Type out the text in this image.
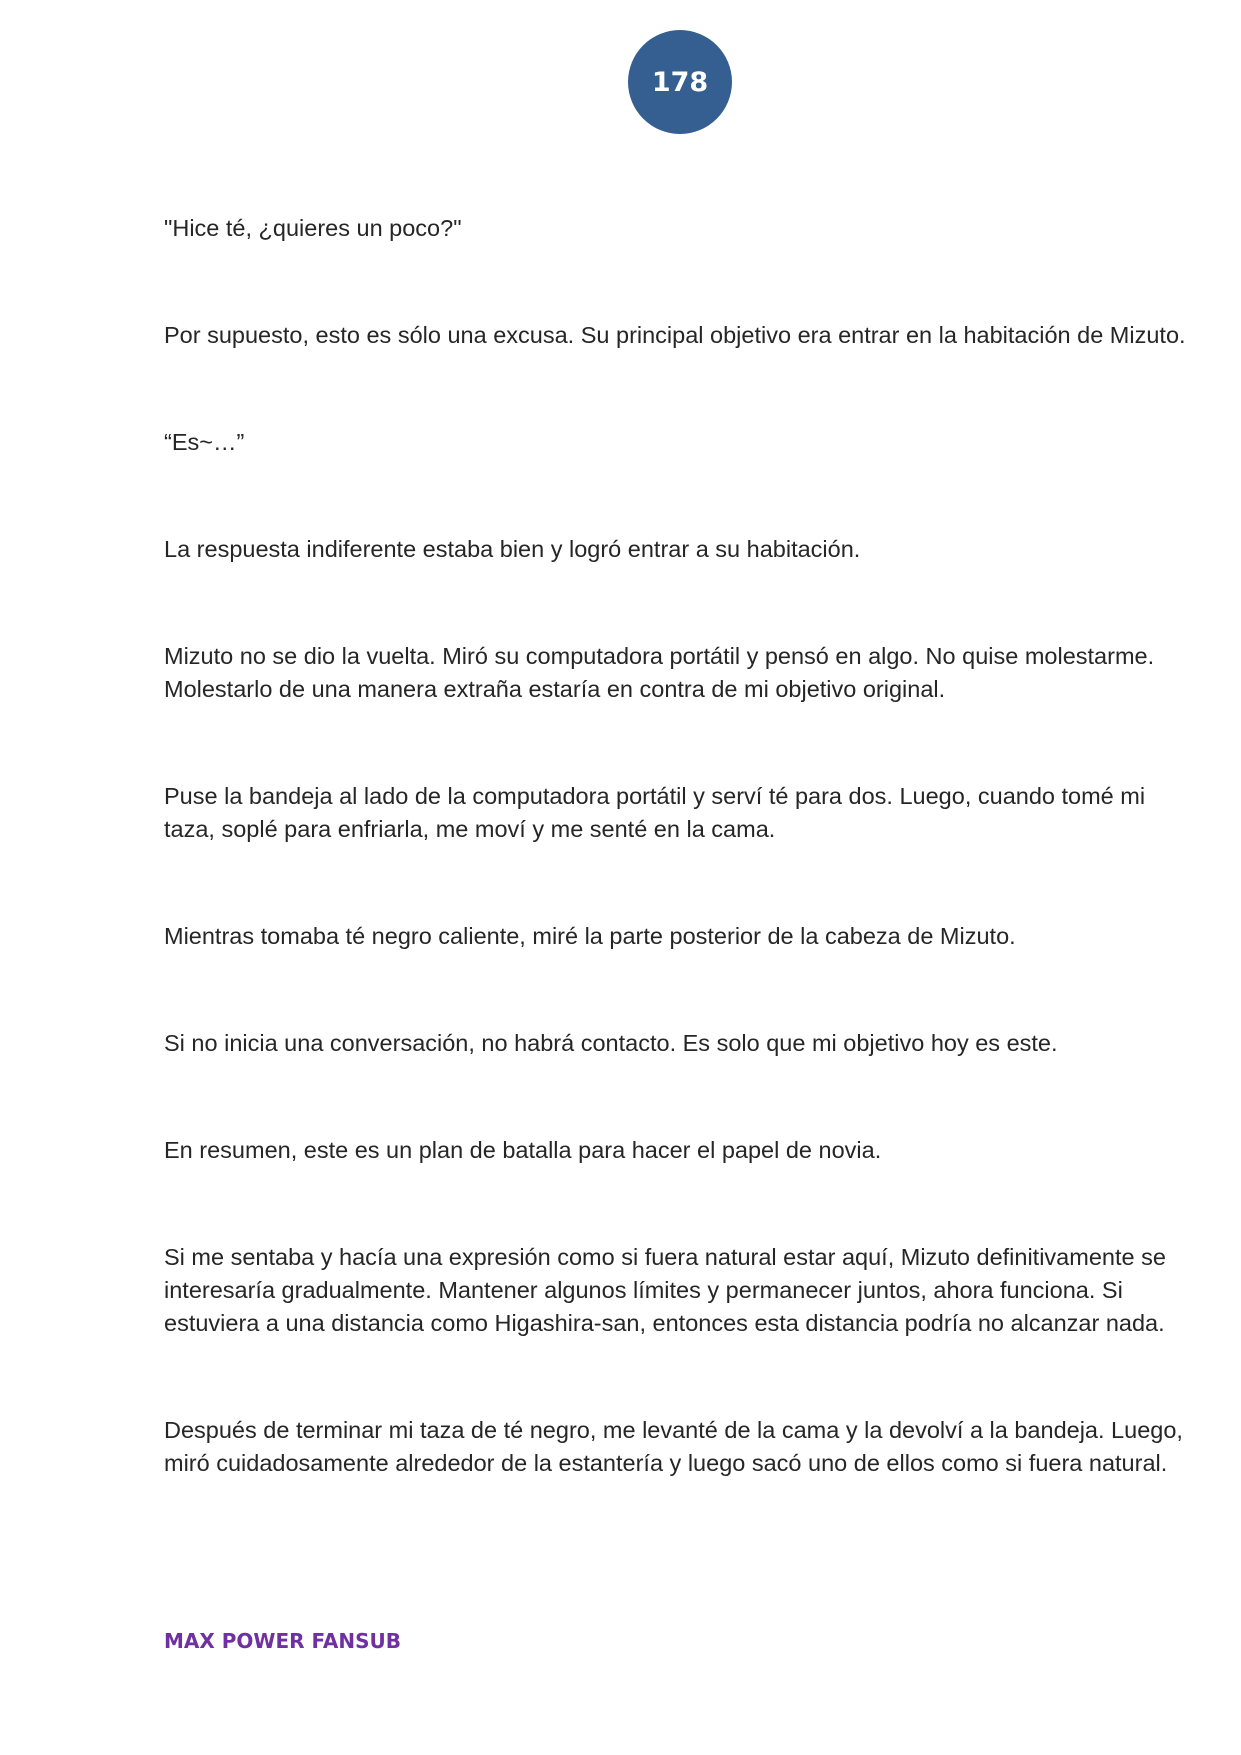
178

"Hice té, ¿quieres un poco?"

Por supuesto, esto es sólo una excusa. Su principal objetivo era entrar en la habitación de Mizuto.

“Es~…”

La respuesta indiferente estaba bien y logró entrar a su habitación.

Mizuto no se dio la vuelta. Miró su computadora portátil y pensó en algo. No quise molestarme. Molestarlo de una manera extraña estaría en contra de mi objetivo original.

Puse la bandeja al lado de la computadora portátil y serví té para dos. Luego, cuando tomé mi taza, soplé para enfriarla, me moví y me senté en la cama.

Mientras tomaba té negro caliente, miré la parte posterior de la cabeza de Mizuto.

Si no inicia una conversación, no habrá contacto. Es solo que mi objetivo hoy es este.

En resumen, este es un plan de batalla para hacer el papel de novia.

Si me sentaba y hacía una expresión como si fuera natural estar aquí, Mizuto definitivamente se interesaría gradualmente. Mantener algunos límites y permanecer juntos, ahora funciona. Si estuviera a una distancia como Higashira-san, entonces esta distancia podría no alcanzar nada.

Después de terminar mi taza de té negro, me levanté de la cama y la devolví a la bandeja. Luego, miró cuidadosamente alrededor de la estantería y luego sacó uno de ellos como si fuera natural.

MAX POWER FANSUB
